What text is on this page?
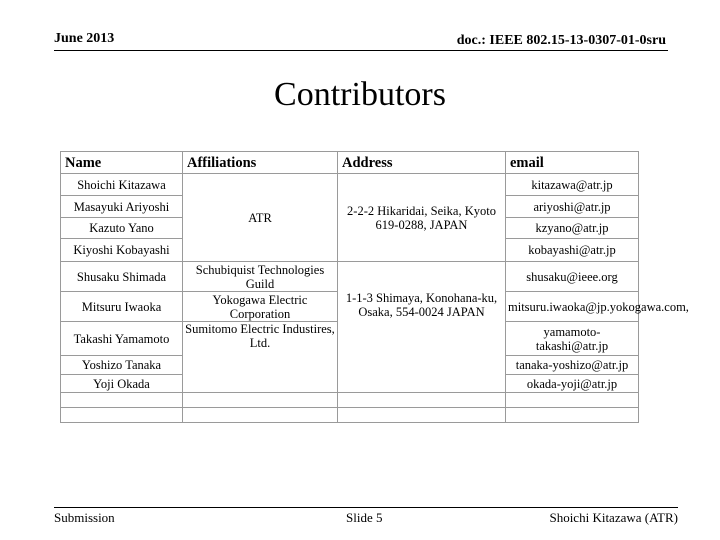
June 2013	doc.: IEEE 802.15-13-0307-01-0sru
Contributors
Name	Affiliations	Address	email
Shoichi Kitazawa	ATR	2-2-2 Hikaridai, Seika, Kyoto 619-0288, JAPAN	kitazawa@atr.jp
Masayuki Ariyoshi			ariyoshi@atr.jp
Kazuto Yano			kzyano@atr.jp
Kiyoshi Kobayashi			kobayashi@atr.jp
Shusaku Shimada	Schubiquist Technologies Guild	1-1-3 Shimaya, Konohana-ku, Osaka, 554-0024 JAPAN	shusaku@ieee.org
Mitsuru Iwaoka	Yokogawa Electric Corporation		mitsuru.iwaoka@jp.yokogawa.com,
Takashi Yamamoto	Sumitomo Electric Industires, Ltd.		yamamoto-takashi@atr.jp
Yoshizo Tanaka			tanaka-yoshizo@atr.jp
Yoji Okada			okada-yoji@atr.jp

Submission	Slide 5	Shoichi Kitazawa (ATR)
